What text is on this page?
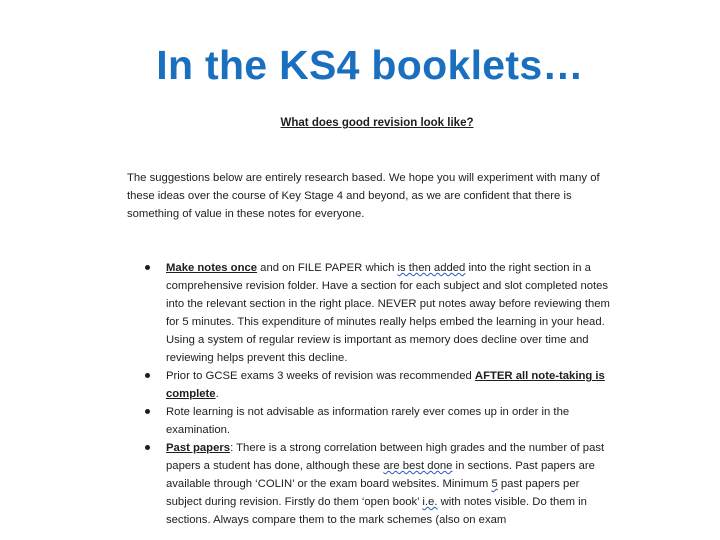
In the KS4 booklets…

What does good revision look like?

The suggestions below are entirely research based. We hope you will experiment with many of these ideas over the course of Key Stage 4 and beyond, as we are confident that there is something of value in these notes for everyone.

Make notes once and on FILE PAPER which is then added into the right section in a comprehensive revision folder. Have a section for each subject and slot completed notes into the relevant section in the right place. NEVER put notes away before reviewing them for 5 minutes. This expenditure of minutes really helps embed the learning in your head. Using a system of regular review is important as memory does decline over time and reviewing helps prevent this decline.
Prior to GCSE exams 3 weeks of revision was recommended AFTER all note-taking is complete.
Rote learning is not advisable as information rarely ever comes up in order in the examination.
Past papers: There is a strong correlation between high grades and the number of past papers a student has done, although these are best done in sections. Past papers are available through ‘COLIN’ or the exam board websites. Minimum 5 past papers per subject during revision. Firstly do them ‘open book’ i.e. with notes visible. Do them in sections. Always compare them to the mark schemes (also on exam
